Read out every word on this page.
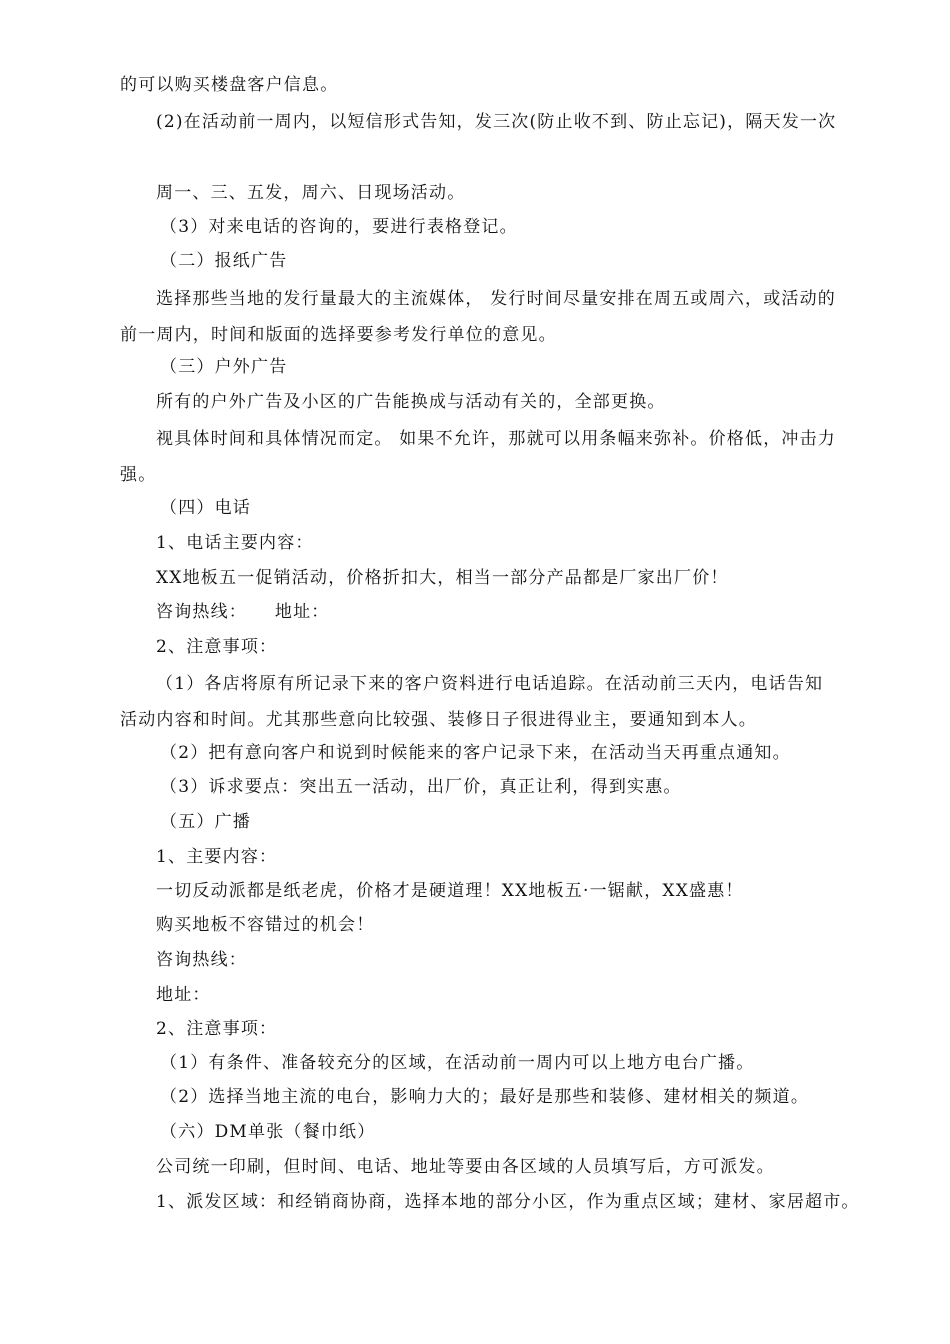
的可以购买楼盘客户信息。
(2)在活动前一周内，以短信形式告知，发三次(防止收不到、防止忘记)，隔天发一次
周一、三、五发，周六、日现场活动。
（3）对来电话的咨询的，要进行表格登记。
（二）报纸广告
选择那些当地的发行量最大的主流媒体， 发行时间尽量安排在周五或周六，或活动的前一周内，时间和版面的选择要参考发行单位的意见。
（三）户外广告
所有的户外广告及小区的广告能换成与活动有关的，全部更换。
视具体时间和具体情况而定。 如果不允许，那就可以用条幅来弥补。价格低，冲击力强。
（四）电话
1、电话主要内容：
XX地板五一促销活动，价格折扣大，相当一部分产品都是厂家出厂价！
咨询热线：　　地址：
2、注意事项：
（1）各店将原有所记录下来的客户资料进行电话追踪。在活动前三天内，电话告知活动内容和时间。尤其那些意向比较强、装修日子很进得业主，要通知到本人。
（2）把有意向客户和说到时候能来的客户记录下来，在活动当天再重点通知。
（3）诉求要点：突出五一活动，出厂价，真正让利，得到实惠。
（五）广播
1、主要内容：
一切反动派都是纸老虎，价格才是硬道理！XX地板五·一锯献，XX盛惠！
购买地板不容错过的机会！
咨询热线：
地址：
2、注意事项：
（1）有条件、准备较充分的区域，在活动前一周内可以上地方电台广播。
（2）选择当地主流的电台，影响力大的；最好是那些和装修、建材相关的频道。
（六）DM单张（餐巾纸）
公司统一印刷，但时间、电话、地址等要由各区域的人员填写后，方可派发。
1、派发区域：和经销商协商，选择本地的部分小区，作为重点区域；建材、家居超市。
